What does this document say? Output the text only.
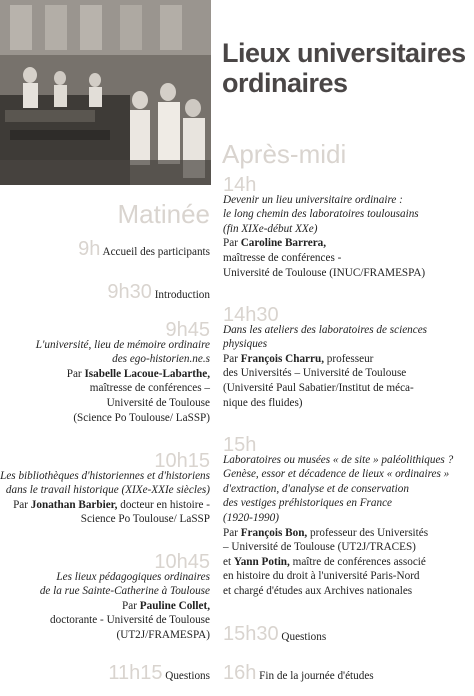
Lieux universitaires
ordinaires
Après-midi
Matinée
9h Accueil des participants
9h30 Introduction
9h45
L'université, lieu de mémoire ordinaire
des ego-historien.ne.s
Par Isabelle Lacoue-Labarthe,
maîtresse de conférences –
Université de Toulouse
(Science Po Toulouse/ LaSSP)
10h15
Les bibliothèques d'historiennes et d'historiens
dans le travail historique (XIXe-XXIe siècles)
Par Jonathan Barbier, docteur en histoire -
Science Po Toulouse/ LaSSP
10h45
Les lieux pédagogiques ordinaires
de la rue Sainte-Catherine à Toulouse
Par Pauline Collet,
doctorante - Université de Toulouse
(UT2J/FRAMESPA)
11h15 Questions
14h
Devenir un lieu universitaire ordinaire :
le long chemin des laboratoires toulousains
(fin XIXe-début XXe)
Par Caroline Barrera,
maîtresse de conférences -
Université de Toulouse (INUC/FRAMESPA)
14h30
Dans les ateliers des laboratoires de sciences
physiques
Par François Charru, professeur
des Universités – Université de Toulouse
(Université Paul Sabatier/Institut de méca-
nique des fluides)
15h
Laboratoires ou musées « de site » paléolithiques ?
Genèse, essor et décadence de lieux « ordinaires »
d'extraction, d'analyse et de conservation
des vestiges préhistoriques en France
(1920-1990)
Par François Bon, professeur des Universités
– Université de Toulouse (UT2J/TRACES)
et Yann Potin, maître de conférences associé
en histoire du droit à l'université Paris-Nord
et chargé d'études aux Archives nationales
15h30 Questions
16h Fin de la journée d'études
